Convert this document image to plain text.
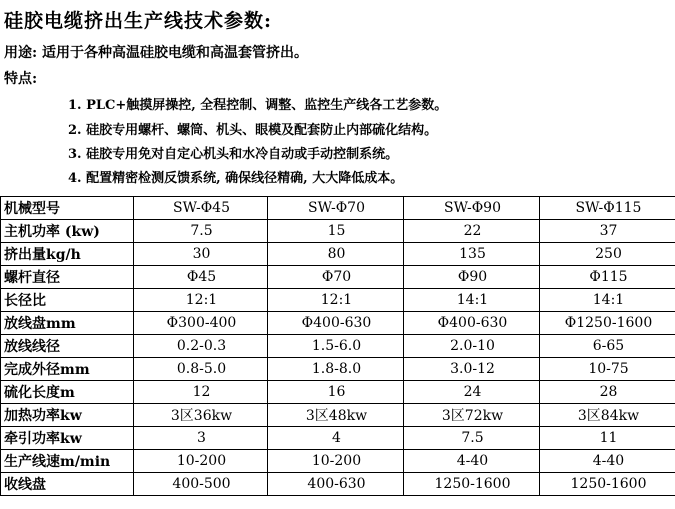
硅胶电缆挤出生产线技术参数:
用途: 适用于各种高温硅胶电缆和高温套管挤出。
特点:
1. PLC+触摸屏操控, 全程控制、调整、监控生产线各工艺参数。
2. 硅胶专用螺杆、螺筒、机头、眼模及配套防止内部硫化结构。
3. 硅胶专用免对自定心机头和水冷自动或手动控制系统。
4. 配置精密检测反馈系统, 确保线径精确, 大大降低成本。
机械型号	SW-Φ45	SW-Φ70	SW-Φ90	SW-Φ115
主机功率 (kw)	7.5	15	22	37
挤出量kg/h	30	80	135	250
螺杆直径	Φ45	Φ70	Φ90	Φ115
长径比	12:1	12:1	14:1	14:1
放线盘mm	Φ300-400	Φ400-630	Φ400-630	Φ1250-1600
放线线径	0.2-0.3	1.5-6.0	2.0-10	6-65
完成外径mm	0.8-5.0	1.8-8.0	3.0-12	10-75
硫化长度m	12	16	24	28
加热功率kw	3区36kw	3区48kw	3区72kw	3区84kw
牵引功率kw	3	4	7.5	11
生产线速m/min	10-200	10-200	4-40	4-40
收线盘	400-500	400-630	1250-1600	1250-1600
